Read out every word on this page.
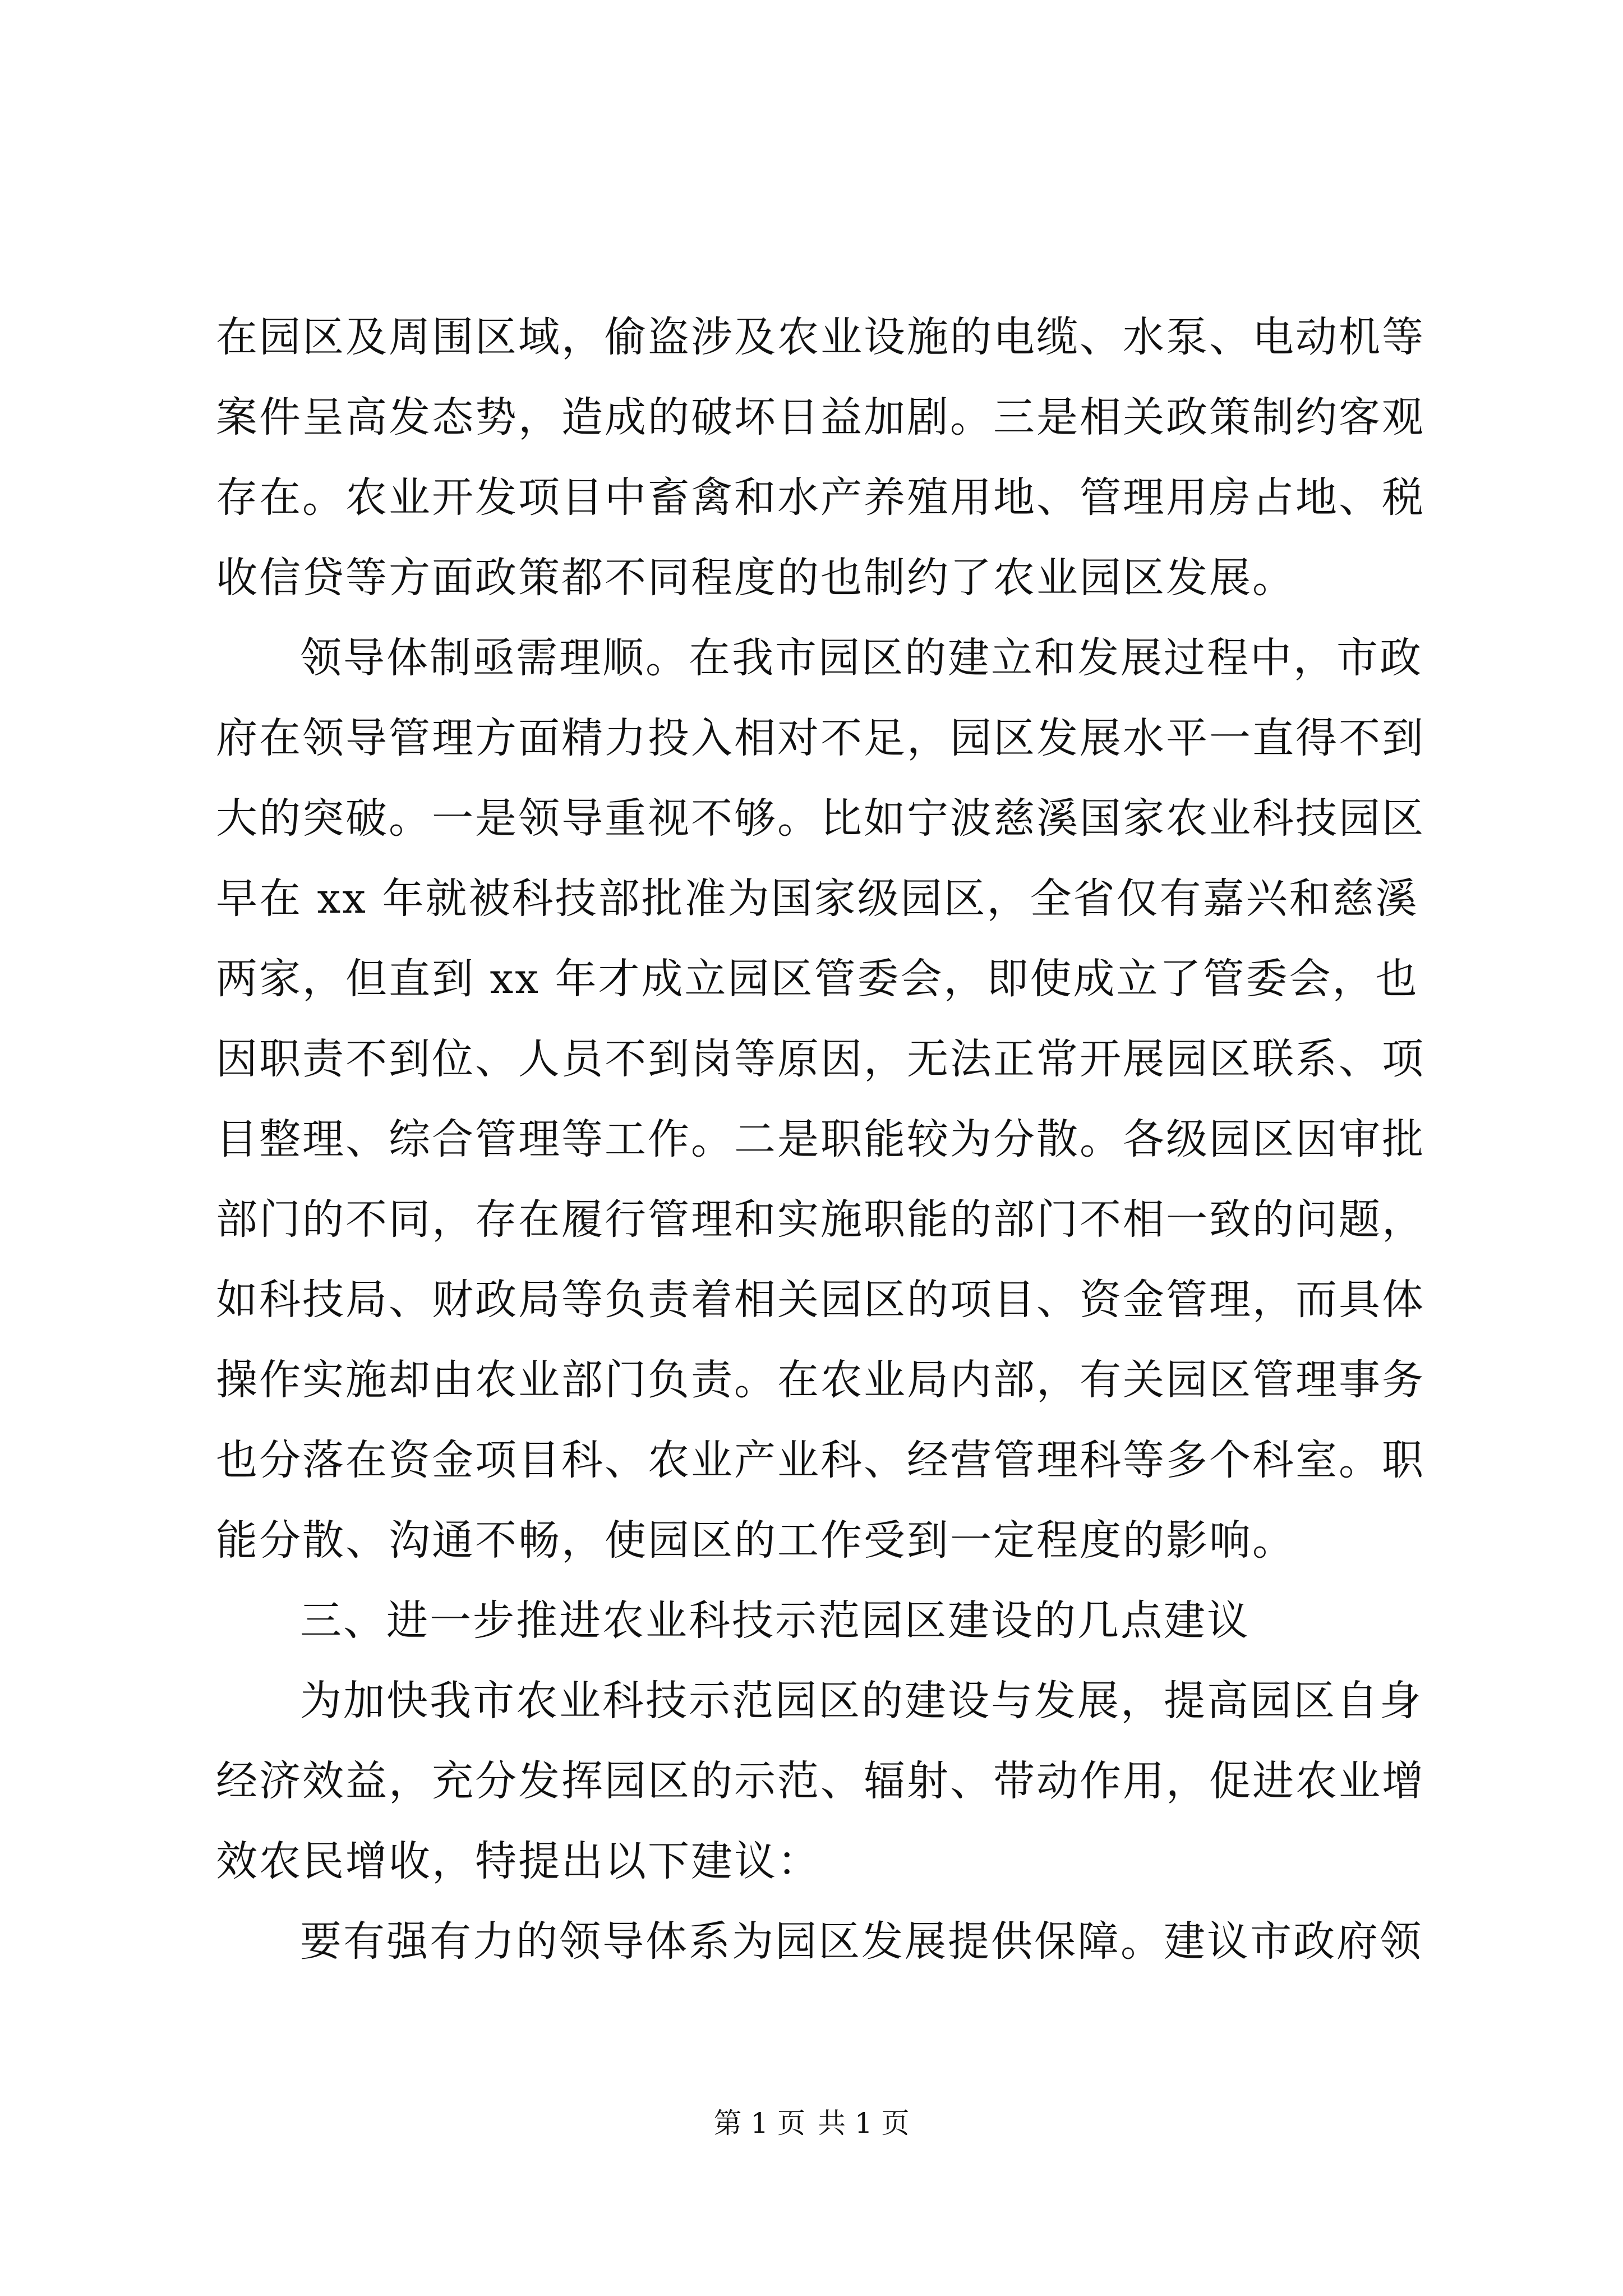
在园区及周围区域，偷盗涉及农业设施的电缆、水泵、电动机等
案件呈高发态势，造成的破坏日益加剧。三是相关政策制约客观
存在。农业开发项目中畜禽和水产养殖用地、管理用房占地、税
收信贷等方面政策都不同程度的也制约了农业园区发展。
领导体制亟需理顺。在我市园区的建立和发展过程中，市政
府在领导管理方面精力投入相对不足，园区发展水平一直得不到
大的突破。一是领导重视不够。比如宁波慈溪国家农业科技园区
早在 xx 年就被科技部批准为国家级园区，全省仅有嘉兴和慈溪
两家，但直到 xx 年才成立园区管委会，即使成立了管委会，也
因职责不到位、人员不到岗等原因，无法正常开展园区联系、项
目整理、综合管理等工作。二是职能较为分散。各级园区因审批
部门的不同，存在履行管理和实施职能的部门不相一致的问题，
如科技局、财政局等负责着相关园区的项目、资金管理，而具体
操作实施却由农业部门负责。在农业局内部，有关园区管理事务
也分落在资金项目科、农业产业科、经营管理科等多个科室。职
能分散、沟通不畅，使园区的工作受到一定程度的影响。
三、进一步推进农业科技示范园区建设的几点建议
为加快我市农业科技示范园区的建设与发展，提高园区自身
经济效益，充分发挥园区的示范、辐射、带动作用，促进农业增
效农民增收，特提出以下建议：
要有强有力的领导体系为园区发展提供保障。建议市政府领
第 1 页 共 1 页
